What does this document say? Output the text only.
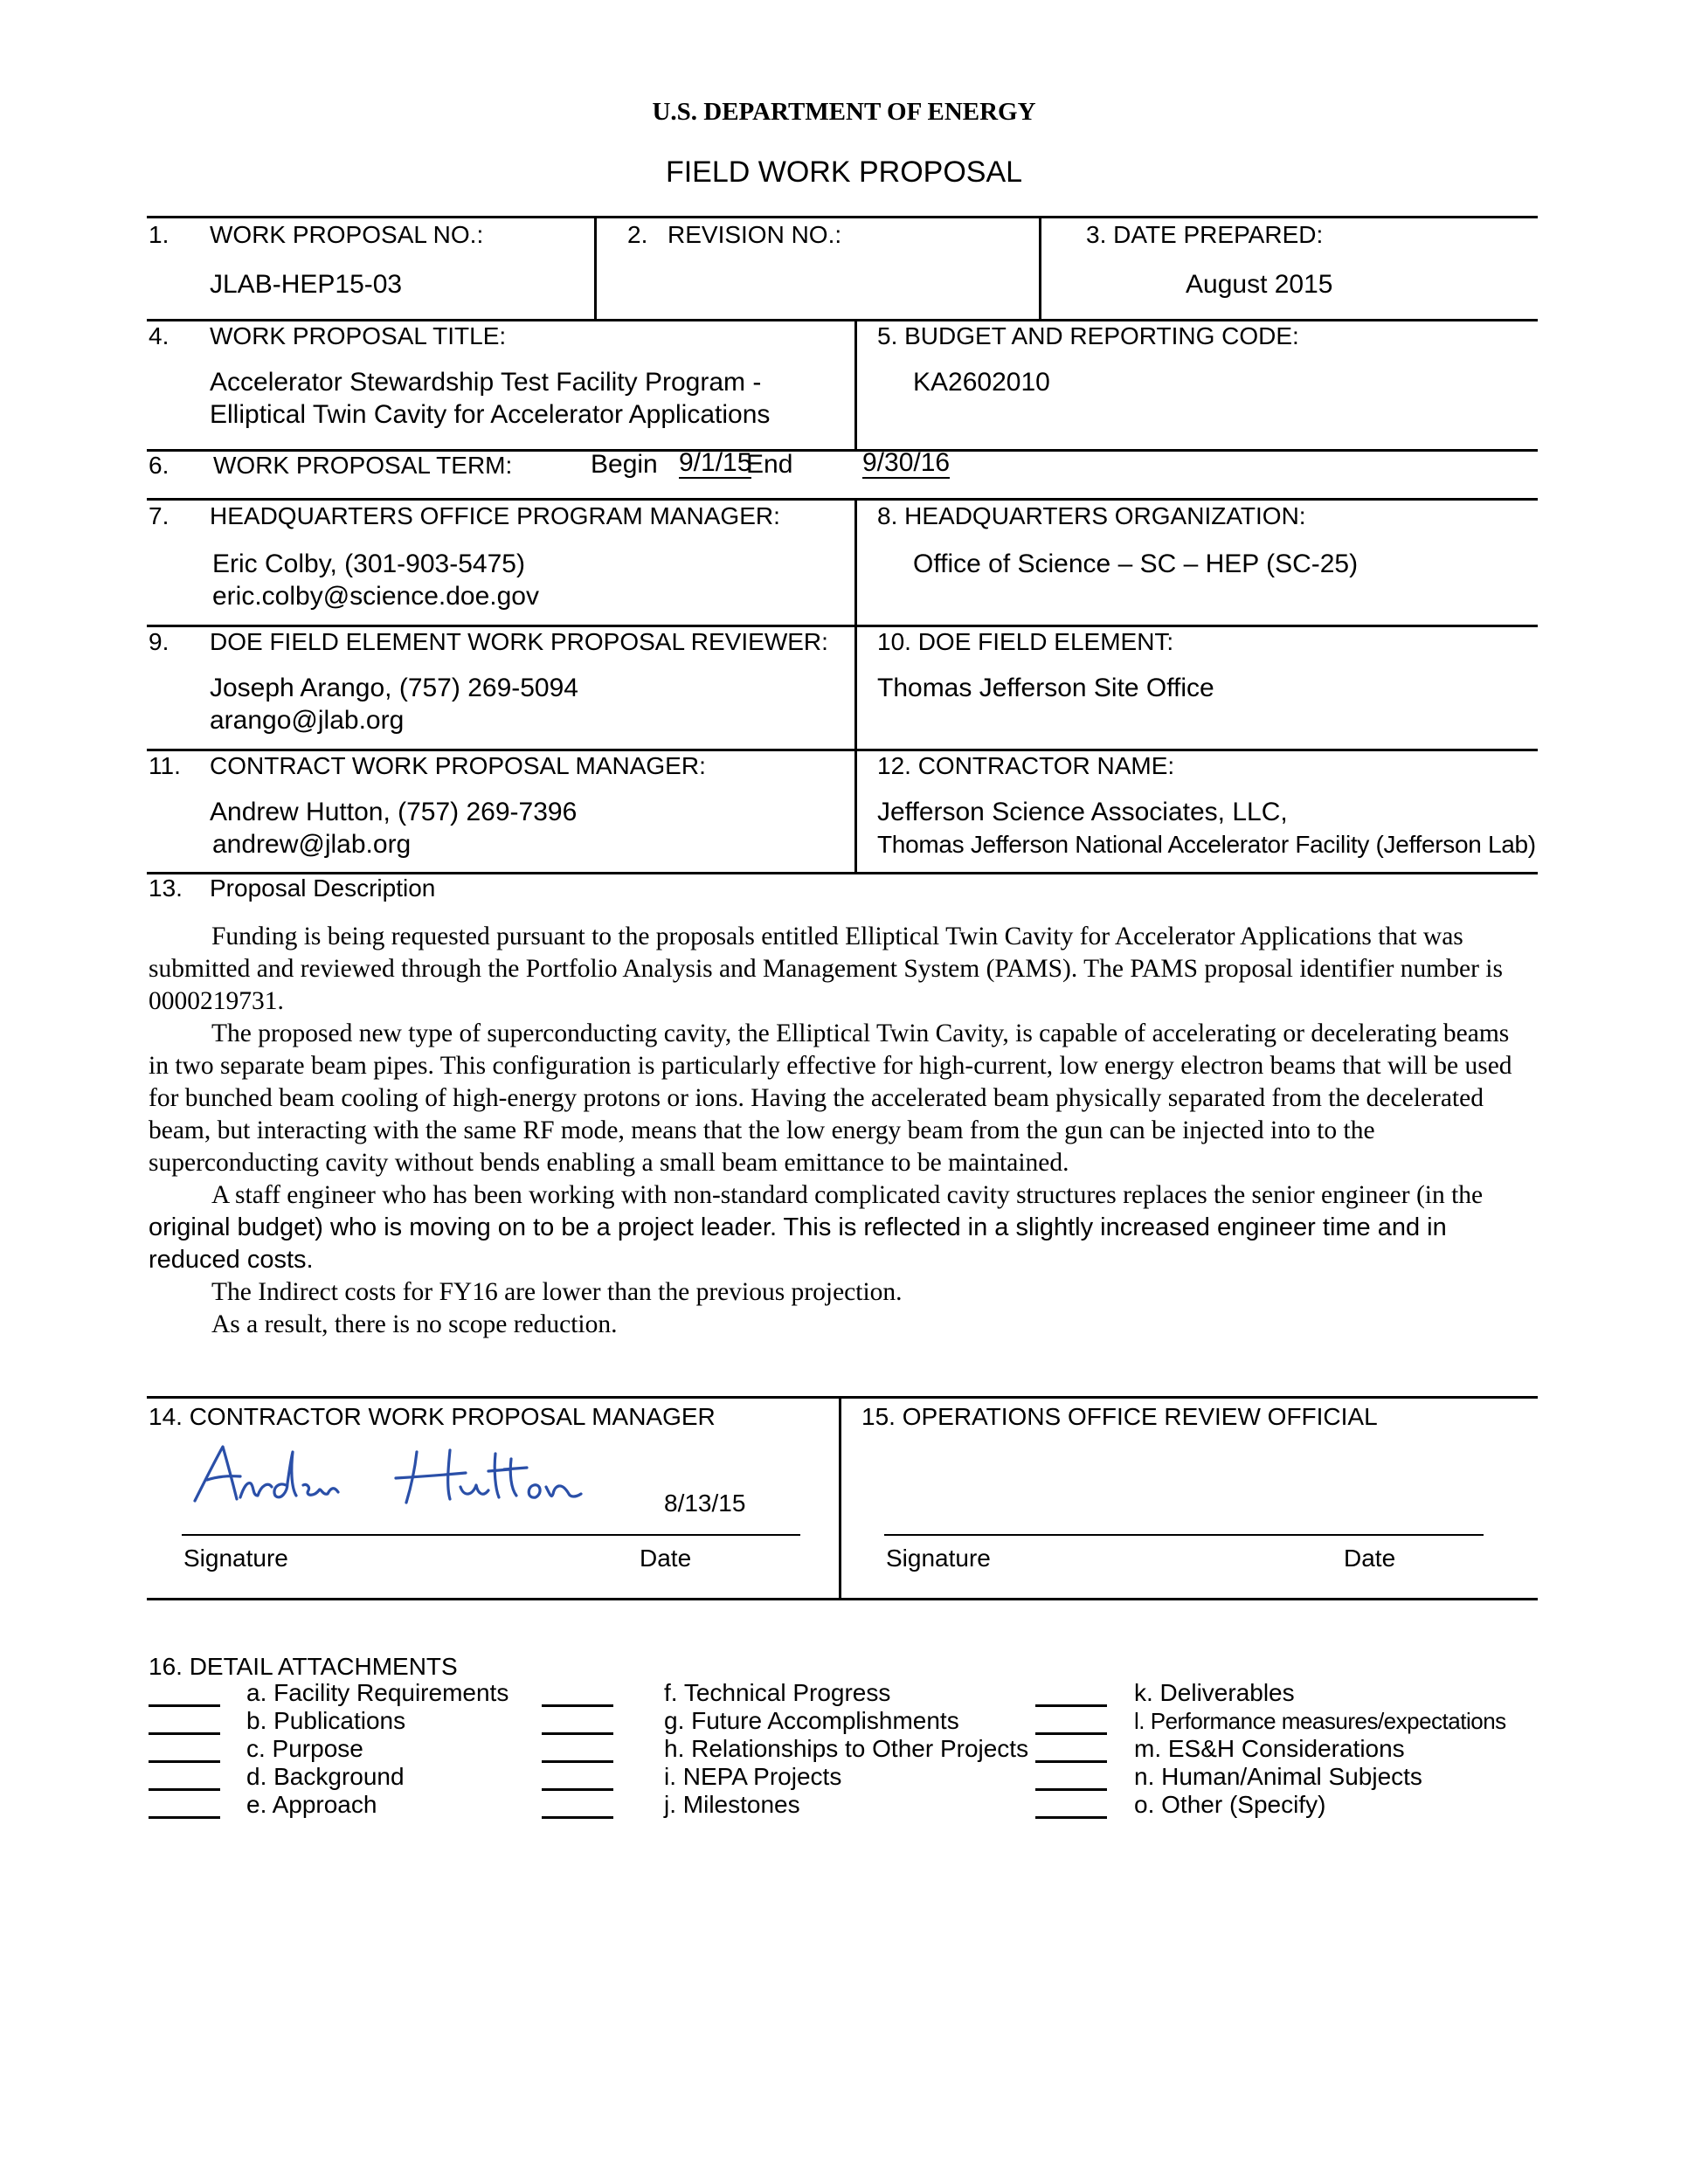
U.S. DEPARTMENT OF ENERGY
FIELD WORK PROPOSAL
1. WORK PROPOSAL NO.:
JLAB-HEP15-03
2. REVISION NO.:	3. DATE PREPARED:
August 2015
4. WORK PROPOSAL TITLE:
Accelerator Stewardship Test Facility Program -
Elliptical Twin Cavity for Accelerator Applications
5. BUDGET AND REPORTING CODE:
KA2602010
6. WORK PROPOSAL TERM:	Begin 9/1/15
End	9/30/16
7. HEADQUARTERS OFFICE PROGRAM MANAGER:
Eric Colby, (301-903-5475)
eric.colby@science.doe.gov
8. HEADQUARTERS ORGANIZATION:
Office of Science – SC – HEP (SC-25)
9. DOE FIELD ELEMENT WORK PROPOSAL REVIEWER:
Joseph Arango, (757) 269-5094
arango@jlab.org
10. DOE FIELD ELEMENT:
Thomas Jefferson Site Office
11. CONTRACT WORK PROPOSAL MANAGER:
Andrew Hutton, (757) 269-7396
andrew@jlab.org
12. CONTRACTOR NAME:
Jefferson Science Associates, LLC,
Thomas Jefferson National Accelerator Facility (Jefferson Lab)
13. Proposal Description

Funding is being requested pursuant to the proposals entitled Elliptical Twin Cavity for Accelerator Applications that was submitted and reviewed through the Portfolio Analysis and Management System (PAMS). The PAMS proposal identifier number is 0000219731.

The proposed new type of superconducting cavity, the Elliptical Twin Cavity, is capable of accelerating or decelerating beams in two separate beam pipes. This configuration is particularly effective for high-current, low energy electron beams that will be used for bunched beam cooling of high-energy protons or ions. Having the accelerated beam physically separated from the decelerated beam, but interacting with the same RF mode, means that the low energy beam from the gun can be injected into to the superconducting cavity without bends enabling a small beam emittance to be maintained.

A staff engineer who has been working with non-standard complicated cavity structures replaces the senior engineer (in the original budget) who is moving on to be a project leader. This is reflected in a slightly increased engineer time and in reduced costs.

The Indirect costs for FY16 are lower than the previous projection.

As a result, there is no scope reduction.

14. CONTRACTOR WORK PROPOSAL MANAGER	15. OPERATIONS OFFICE REVIEW OFFICIAL
8/13/15
Signature	Date	Signature	Date
16. DETAIL ATTACHMENTS
a. Facility Requirements
b. Publications
c. Purpose
d. Background
e. Approach
f. Technical Progress
g. Future Accomplishments
h. Relationships to Other Projects
i. NEPA Projects
j. Milestones
k. Deliverables
l. Performance measures/expectations
m. ES&H Considerations
n. Human/Animal Subjects
o. Other (Specify)
